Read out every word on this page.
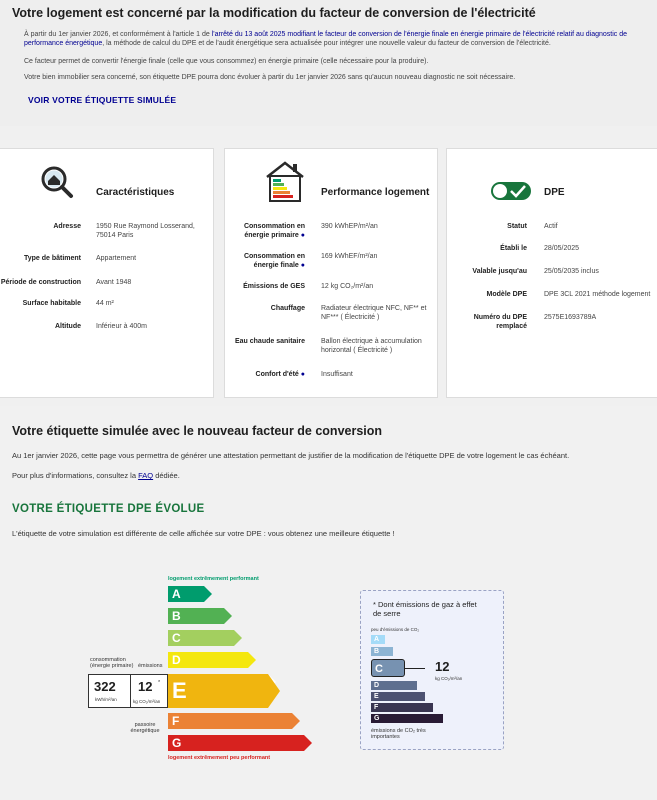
Votre logement est concerné par la modification du facteur de conversion de l'électricité

À partir du 1er janvier 2026, et conformément à l'article 1 de l'arrêté du 13 août 2025 modifiant le facteur de conversion de l'énergie finale en énergie primaire de l'électricité relatif au diagnostic de performance énergétique, la méthode de calcul du DPE et de l'audit énergétique sera actualisée pour intégrer une nouvelle valeur du facteur de conversion de l'électricité.

Ce facteur permet de convertir l'énergie finale (celle que vous consommez) en énergie primaire (celle nécessaire pour la produire).

Votre bien immobilier sera concerné, son étiquette DPE pourra donc évoluer à partir du 1er janvier 2026 sans qu'aucun nouveau diagnostic ne soit nécessaire.

VOIR VOTRE ÉTIQUETTE SIMULÉE
Caractéristiques
Adresse 1950 Rue Raymond Losserand, 75014 Paris
Type de bâtiment Appartement
Période de construction Avant 1948
Surface habitable 44 m²
Altitude Inférieur à 400m
Performance logement
Consommation en énergie primaire ●
390 kWhEP/m²/an
Consommation en énergie finale ●
169 kWhEF/m²/an
Émissions de GES 12 kg CO₂/m²/an
Chauffage Radiateur électrique NFC, NF** et NF*** ( Électricité )
Eau chaude sanitaire Ballon électrique à accumulation horizontal ( Électricité )
Confort d'été ● Insuffisant
DPE
Statut Actif
Établi le 28/05/2025
Valable jusqu'au 25/05/2035 inclus
Modèle DPE DPE 3CL 2021 méthode logement
Numéro du DPE remplacé
2575E1693789A
Votre étiquette simulée avec le nouveau facteur de conversion
Au 1er janvier 2026, cette page vous permettra de générer une attestation permettant de justifier de la modification de l'étiquette DPE de votre logement le cas échéant.
Pour plus d'informations, consultez la FAQ dédiée.
VOTRE ÉTIQUETTE DPE ÉVOLUE
L'étiquette de votre simulation est différente de celle affichée sur votre DPE : vous obtenez une meilleure étiquette !
logement extrêmement performant
A
B
C
D
E
F
G
logement extrêmement peu performant
consommation
(énergie primaire) émissions
322
kWh/m²/an
12 *
kg CO₂/m²/an
passoire énergétique
* Dont émissions de gaz à effet de serre
peu d'émissions de CO₂
A
B
C	12
kg CO₂/m²/an
D
E
F
G
émissions de CO₂ très importantes
